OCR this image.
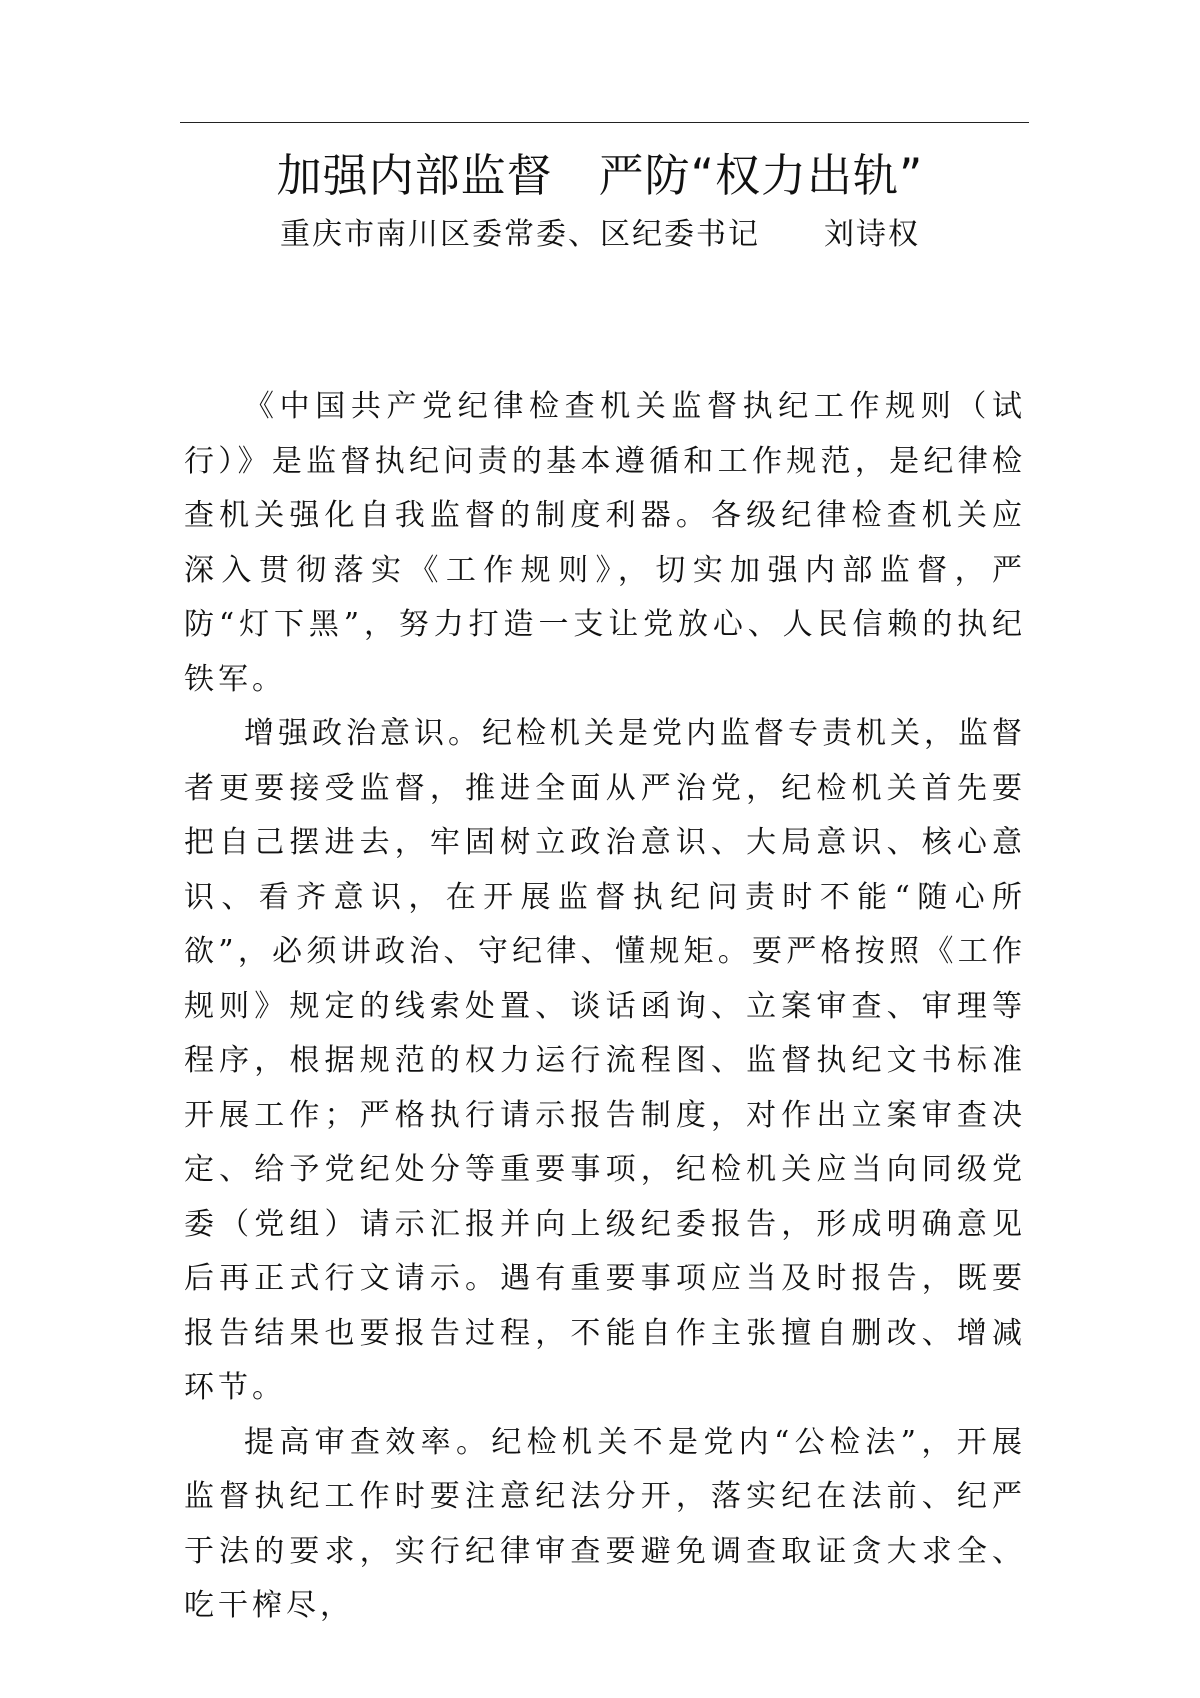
加强内部监督　严防“权力出轨”
重庆市南川区委常委、区纪委书记　　刘诗权

《中国共产党纪律检查机关监督执纪工作规则（试行）》是监督执纪问责的基本遵循和工作规范，是纪律检查机关强化自我监督的制度利器。各级纪律检查机关应深入贯彻落实《工作规则》，切实加强内部监督，严防“灯下黑”，努力打造一支让党放心、人民信赖的执纪铁军。

增强政治意识。纪检机关是党内监督专责机关，监督者更要接受监督，推进全面从严治党，纪检机关首先要把自己摆进去，牢固树立政治意识、大局意识、核心意识、看齐意识，在开展监督执纪问责时不能“随心所欲”，必须讲政治、守纪律、懂规矩。要严格按照《工作规则》规定的线索处置、谈话函询、立案审查、审理等程序，根据规范的权力运行流程图、监督执纪文书标准开展工作；严格执行请示报告制度，对作出立案审查决定、给予党纪处分等重要事项，纪检机关应当向同级党委（党组）请示汇报并向上级纪委报告，形成明确意见后再正式行文请示。遇有重要事项应当及时报告，既要报告结果也要报告过程，不能自作主张擅自删改、增减环节。

提高审查效率。纪检机关不是党内“公检法”，开展监督执纪工作时要注意纪法分开，落实纪在法前、纪严于法的要求，实行纪律审查要避免调查取证贪大求全、吃干榨尽，
